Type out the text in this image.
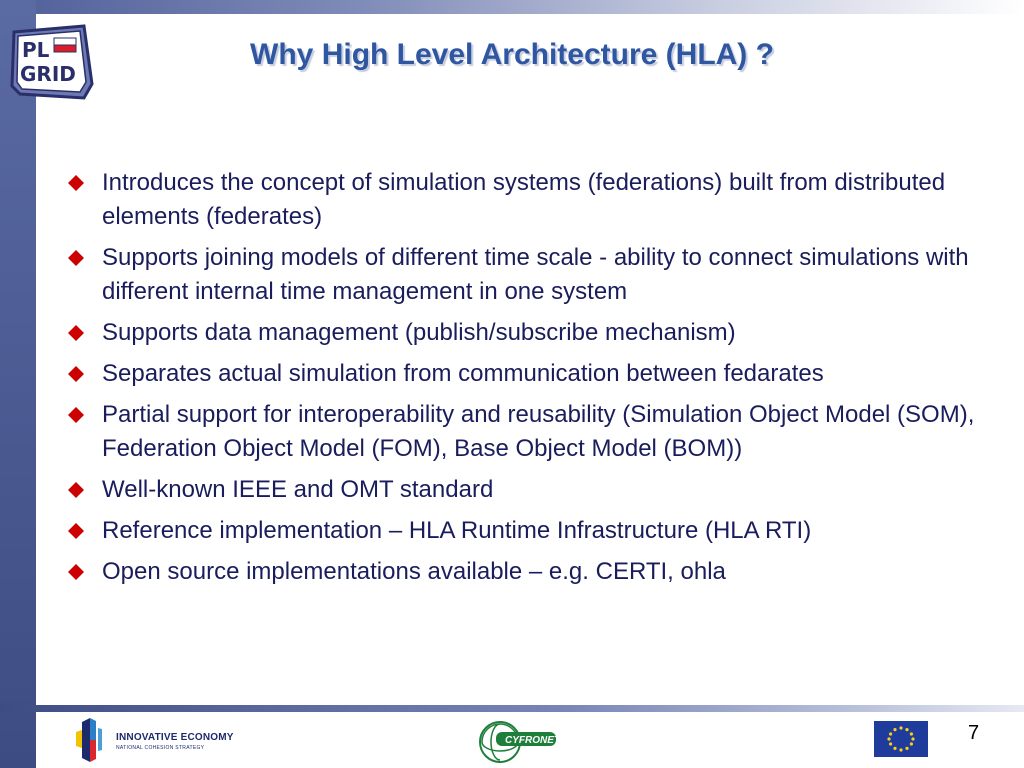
PL
GRID
Why High Level Architecture (HLA) ?
Introduces the concept of simulation systems (federations) built from distributed elements (federates)
Supports joining models of different time scale - ability to connect simulations with different internal time management in one system
Supports data management (publish/subscribe mechanism)
Separates actual simulation from communication between fedarates
Partial support for interoperability and reusability (Simulation Object Model (SOM), Federation Object Model (FOM), Base Object Model (BOM))
Well-known IEEE and OMT standard
Reference implementation – HLA Runtime Infrastructure (HLA RTI)
Open source implementations available – e.g. CERTI, ohla
INNOVATIVE ECONOMY
NATIONAL COHESION STRATEGY
CYFRONET	7
